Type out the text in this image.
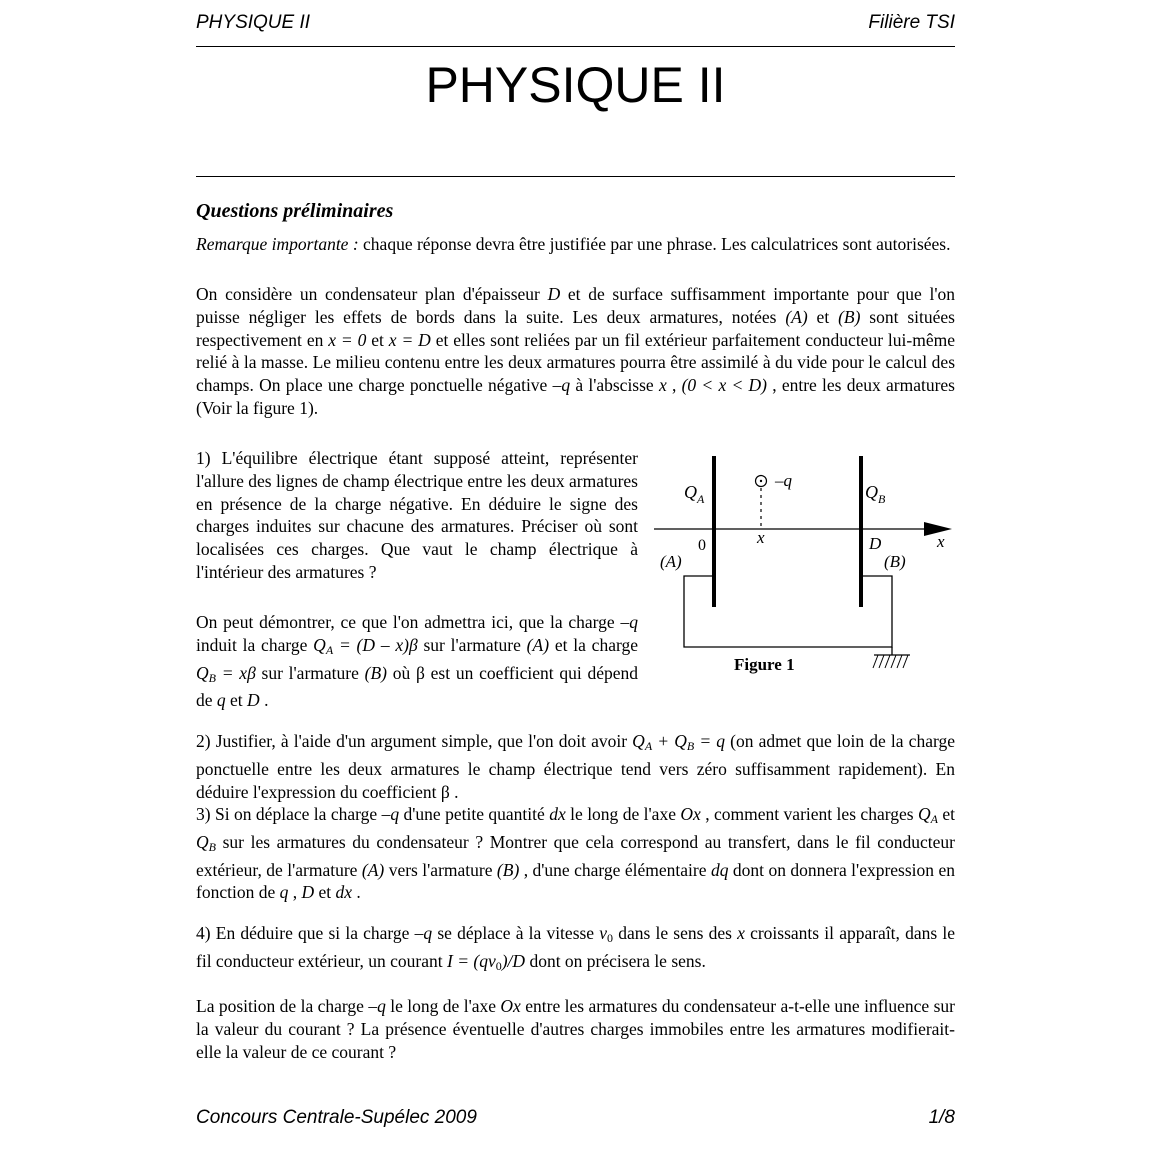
PHYSIQUE II	Filière TSI
PHYSIQUE II
Questions préliminaires

Remarque importante : chaque réponse devra être justifiée par une phrase. Les calculatrices sont autorisées.

On considère un condensateur plan d'épaisseur D et de surface suffisamment importante pour que l'on puisse négliger les effets de bords dans la suite. Les deux armatures, notées (A) et (B) sont situées respectivement en x = 0 et x = D et elles sont reliées par un fil extérieur parfaitement conducteur lui-même relié à la masse. Le milieu contenu entre les deux armatures pourra être assimilé à du vide pour le calcul des champs. On place une charge ponctuelle négative –q à l'abscisse x , (0 < x < D) , entre les deux armatures (Voir la figure 1).

1) L'équilibre électrique étant supposé atteint, représenter l'allure des lignes de champ électrique entre les deux armatures en présence de la charge négative. En déduire le signe des charges induites sur chacune des armatures. Préciser où sont localisées ces charges. Que vaut le champ électrique à l'intérieur des armatures ?

On peut démontrer, ce que l'on admettra ici, que la charge –q induit la charge $Q_A = (D - x)\beta$ sur l'armature (A) et la charge $Q_B = x\beta$ sur l'armature (B) où β est un coefficient qui dépend de q et D .

–q
$Q_A$	$Q_B$
0	x	D	x
(A)	(B)
Figure 1

2) Justifier, à l'aide d'un argument simple, que l'on doit avoir $Q_A + Q_B = q$ (on admet que loin de la charge ponctuelle entre les deux armatures le champ électrique tend vers zéro suffisamment rapidement). En déduire l'expression du coefficient β .

3) Si on déplace la charge –q d'une petite quantité dx le long de l'axe Ox , comment varient les charges $Q_A$ et $Q_B$ sur les armatures du condensateur ? Montrer que cela correspond au transfert, dans le fil conducteur extérieur, de l'armature (A) vers l'armature (B) , d'une charge élémentaire dq dont on donnera l'expression en fonction de q , D et dx .

4) En déduire que si la charge –q se déplace à la vitesse $v_0$ dans le sens des x croissants il apparaît, dans le fil conducteur extérieur, un courant $I = (qv_0)/D$ dont on précisera le sens.

La position de la charge –q le long de l'axe Ox entre les armatures du condensateur a-t-elle une influence sur la valeur du courant ? La présence éventuelle d'autres charges immobiles entre les armatures modifierait-elle la valeur de ce courant ?

Concours Centrale-Supélec 2009	1/8
